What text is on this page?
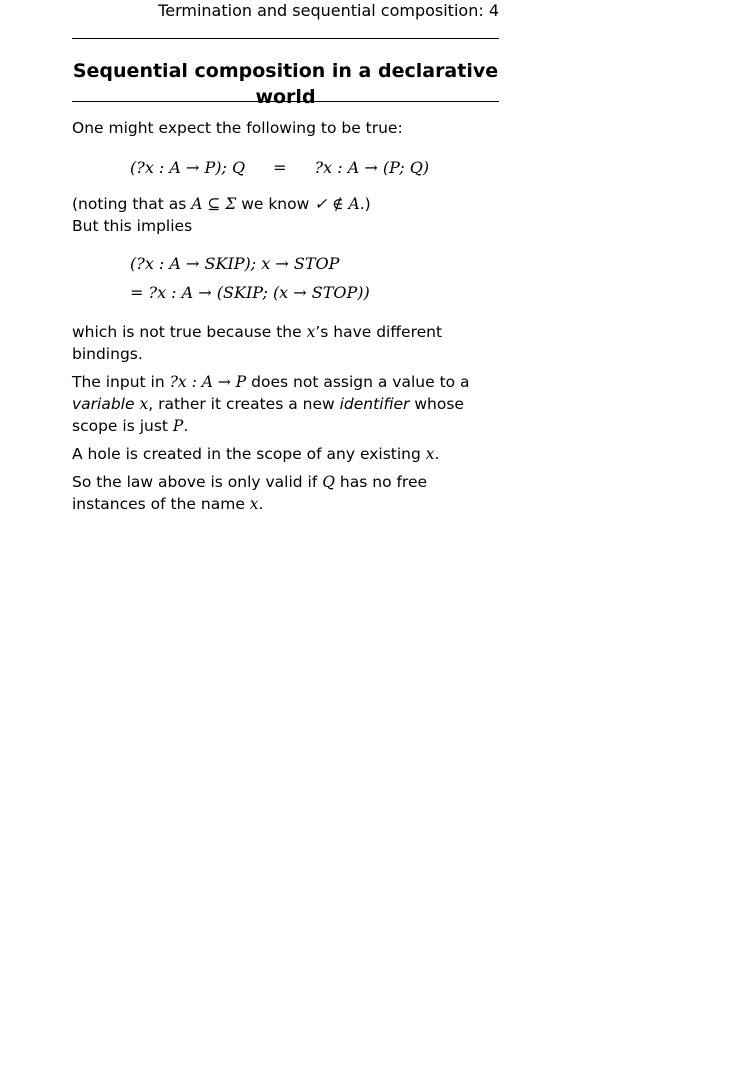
Termination and sequential composition: 4
Sequential composition in a declarative world

One might expect the following to be true:

(?x : A → P); Q = ?x : A → (P; Q)

(noting that as A ⊆ Σ we know ✓ ∉ A.)

But this implies

(?x : A → SKIP); x → STOP
= ?x : A → (SKIP; (x → STOP))

which is not true because the x’s have different bindings.

The input in ?x : A → P does not assign a value to a variable x, rather it creates a new identifier whose scope is just P.

A hole is created in the scope of any existing x.

So the law above is only valid if Q has no free instances of the name x.
